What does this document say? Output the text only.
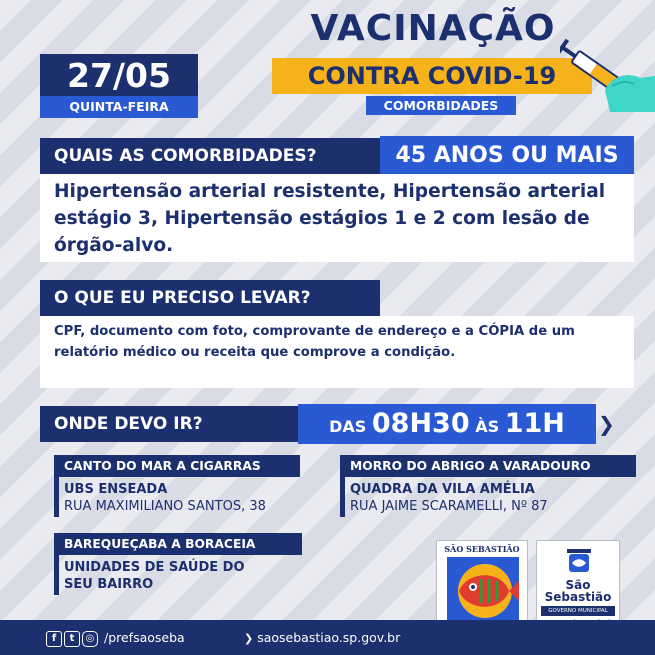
27/05
QUINTA-FEIRA
VACINAÇÃO
CONTRA COVID-19
COMORBIDADES
QUAIS AS COMORBIDADES?	45 ANOS OU MAIS
Hipertensão arterial resistente, Hipertensão arterial estágio 3, Hipertensão estágios 1 e 2 com lesão de órgão-alvo.
O QUE EU PRECISO LEVAR?
CPF, documento com foto, comprovante de endereço e a CÓPIA de um relatório médico ou receita que comprove a condição.
ONDE DEVO IR?	DAS 08H30 ÀS 11H	❯
CANTO DO MAR A CIGARRAS
UBS ENSEADA
RUA MAXIMILIANO SANTOS, 38
MORRO DO ABRIGO A VARADOURO
QUADRA DA VILA AMÉLIA
RUA JAIME SCARAMELLI, Nº 87
BAREQUEÇABA A BORACEIA
UNIDADES DE SAÚDE DO
SEU BAIRRO
SÃO SEBASTIÃO
São
Sebastião
GOVERNO MUNICIPAL
f t ◎ /prefsaoseba	❯ saosebastiao.sp.gov.br
